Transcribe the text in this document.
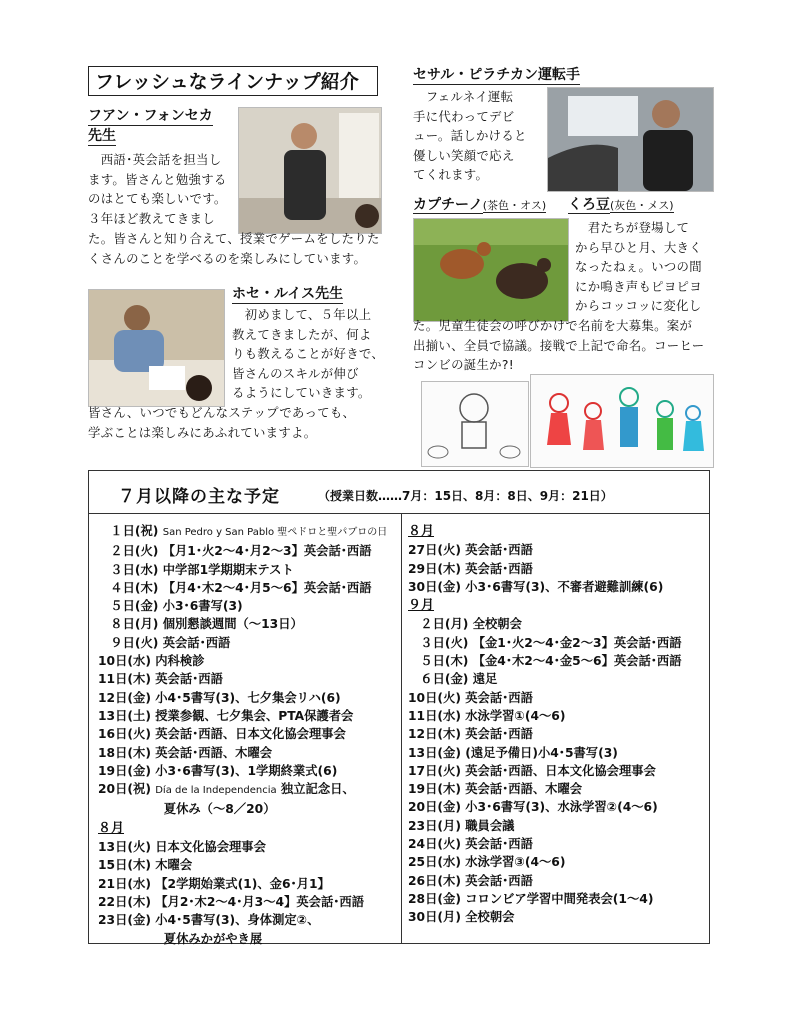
フレッシュなラインナップ紹介
フアン・フォンセカ
先生
　西語･英会話を担当し
ます。皆さんと勉強する
のはとても楽しいです。
３年ほど教えてきまし
た。皆さんと知り合えて、授業でゲームをしたりた
くさんのことを学べるのを楽しみにしています。
ホセ・ルイス先生
　初めまして、５年以上
教えてきましたが、何よ
りも教えることが好きで、
皆さんのスキルが伸び
るようにしていきます。
皆さん、いつでもどんなステップであっても、
学ぶことは楽しみにあふれていますよ。
セサル・ピラチカン運転手
　フェルネイ運転
手に代わってデビ
ュー。話しかけると
優しい笑顔で応え
てくれます。
カプチーノ(茶色・オス) くろ豆(灰色・メス)
　君たちが登場して
から早ひと月、大きく
なったねぇ。いつの間
にか鳴き声もピヨピヨ
からコッコッに変化し
た。児童生徒会の呼びかけで名前を大募集。案が
出揃い、全員で協議。接戦で上記で命名。コーヒー
コンビの誕生か?!
７月以降の主な予定	（授業日数……7月：15日、8月：8日、9月：21日）
　１日(祝) San Pedro y San Pablo 聖ペドロと聖パブロの日
　２日(火) 【月1･火2～4･月2～3】英会話･西語
　３日(水) 中学部1学期期末テスト
　４日(木) 【月4･木2～4･月5～6】英会話･西語
　５日(金) 小3･6書写(3)
　８日(月) 個別懇談週間（～13日）
　９日(火) 英会話･西語
10日(水) 内科検診
11日(木) 英会話･西語
12日(金) 小4･5書写(3)、七夕集会リハ(6)
13日(土) 授業参観、七夕集会、PTA保護者会
16日(火) 英会話･西語、日本文化協会理事会
18日(木) 英会話･西語、木曜会
19日(金) 小3･6書写(3)、1学期終業式(6)
20日(祝) Día de la Independencia 独立記念日、
　　　　　 夏休み（～8／20）
８月
13日(火) 日本文化協会理事会
15日(木) 木曜会
21日(水) 【2学期始業式(1)、金6･月1】
22日(木) 【月2･木2～4･月3～4】英会話･西語
23日(金) 小4･5書写(3)、身体測定②、
　　　　　 夏休みかがやき展
８月
27日(火) 英会話･西語
29日(木) 英会話･西語
30日(金) 小3･6書写(3)、不審者避難訓練(6)
９月
　２日(月) 全校朝会
　３日(火) 【金1･火2～4･金2～3】英会話･西語
　５日(木) 【金4･木2～4･金5～6】英会話･西語
　６日(金) 遠足
10日(火) 英会話･西語
11日(水) 水泳学習①(4～6)
12日(木) 英会話･西語
13日(金) (遠足予備日)小4･5書写(3)
17日(火) 英会話･西語、日本文化協会理事会
19日(木) 英会話･西語、木曜会
20日(金) 小3･6書写(3)、水泳学習②(4～6)
23日(月) 職員会議
24日(火) 英会話･西語
25日(水) 水泳学習③(4～6)
26日(木) 英会話･西語
28日(金) コロンビア学習中間発表会(1～4)
30日(月) 全校朝会
